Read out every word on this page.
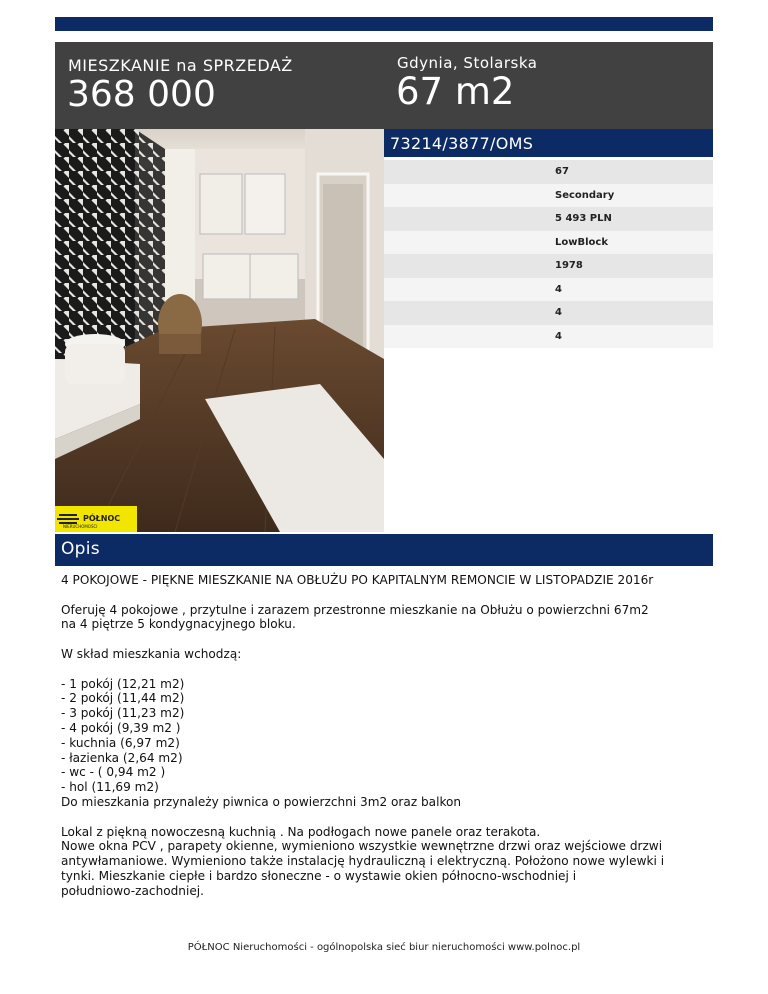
MIESZKANIE na SPRZEDAŻ
368 000
Gdynia, Stolarska
67 m2
PÓŁNOC
NIERUCHOMOŚCI
73214/3877/OMS
67
Secondary
5 493 PLN
LowBlock
1978
4
4
4
Opis

4 POKOJOWE - PIĘKNE MIESZKANIE NA OBŁUŻU PO KAPITALNYM REMONCIE W LISTOPADZIE 2016r

Oferuję 4 pokojowe , przytulne i zarazem przestronne mieszkanie na Obłużu o powierzchni 67m2
na 4 piętrze 5 kondygnacyjnego bloku.

W skład mieszkania wchodzą:

- 1 pokój (12,21 m2)
- 2 pokój (11,44 m2)
- 3 pokój (11,23 m2)
- 4 pokój (9,39 m2 )
- kuchnia (6,97 m2)
- łazienka (2,64 m2)
- wc - ( 0,94 m2 )
- hol (11,69 m2)
Do mieszkania przynależy piwnica o powierzchni 3m2 oraz balkon

Lokal z piękną nowoczesną kuchnią . Na podłogach nowe panele oraz terakota.
Nowe okna PCV , parapety okienne, wymieniono wszystkie wewnętrzne drzwi oraz wejściowe drzwi
antywłamaniowe. Wymieniono także instalację hydrauliczną i elektryczną. Położono nowe wylewki i
tynki. Mieszkanie ciepłe i bardzo słoneczne - o wystawie okien północno-wschodniej i
południowo-zachodniej.

PÓŁNOC Nieruchomości - ogólnopolska sieć biur nieruchomości www.polnoc.pl
